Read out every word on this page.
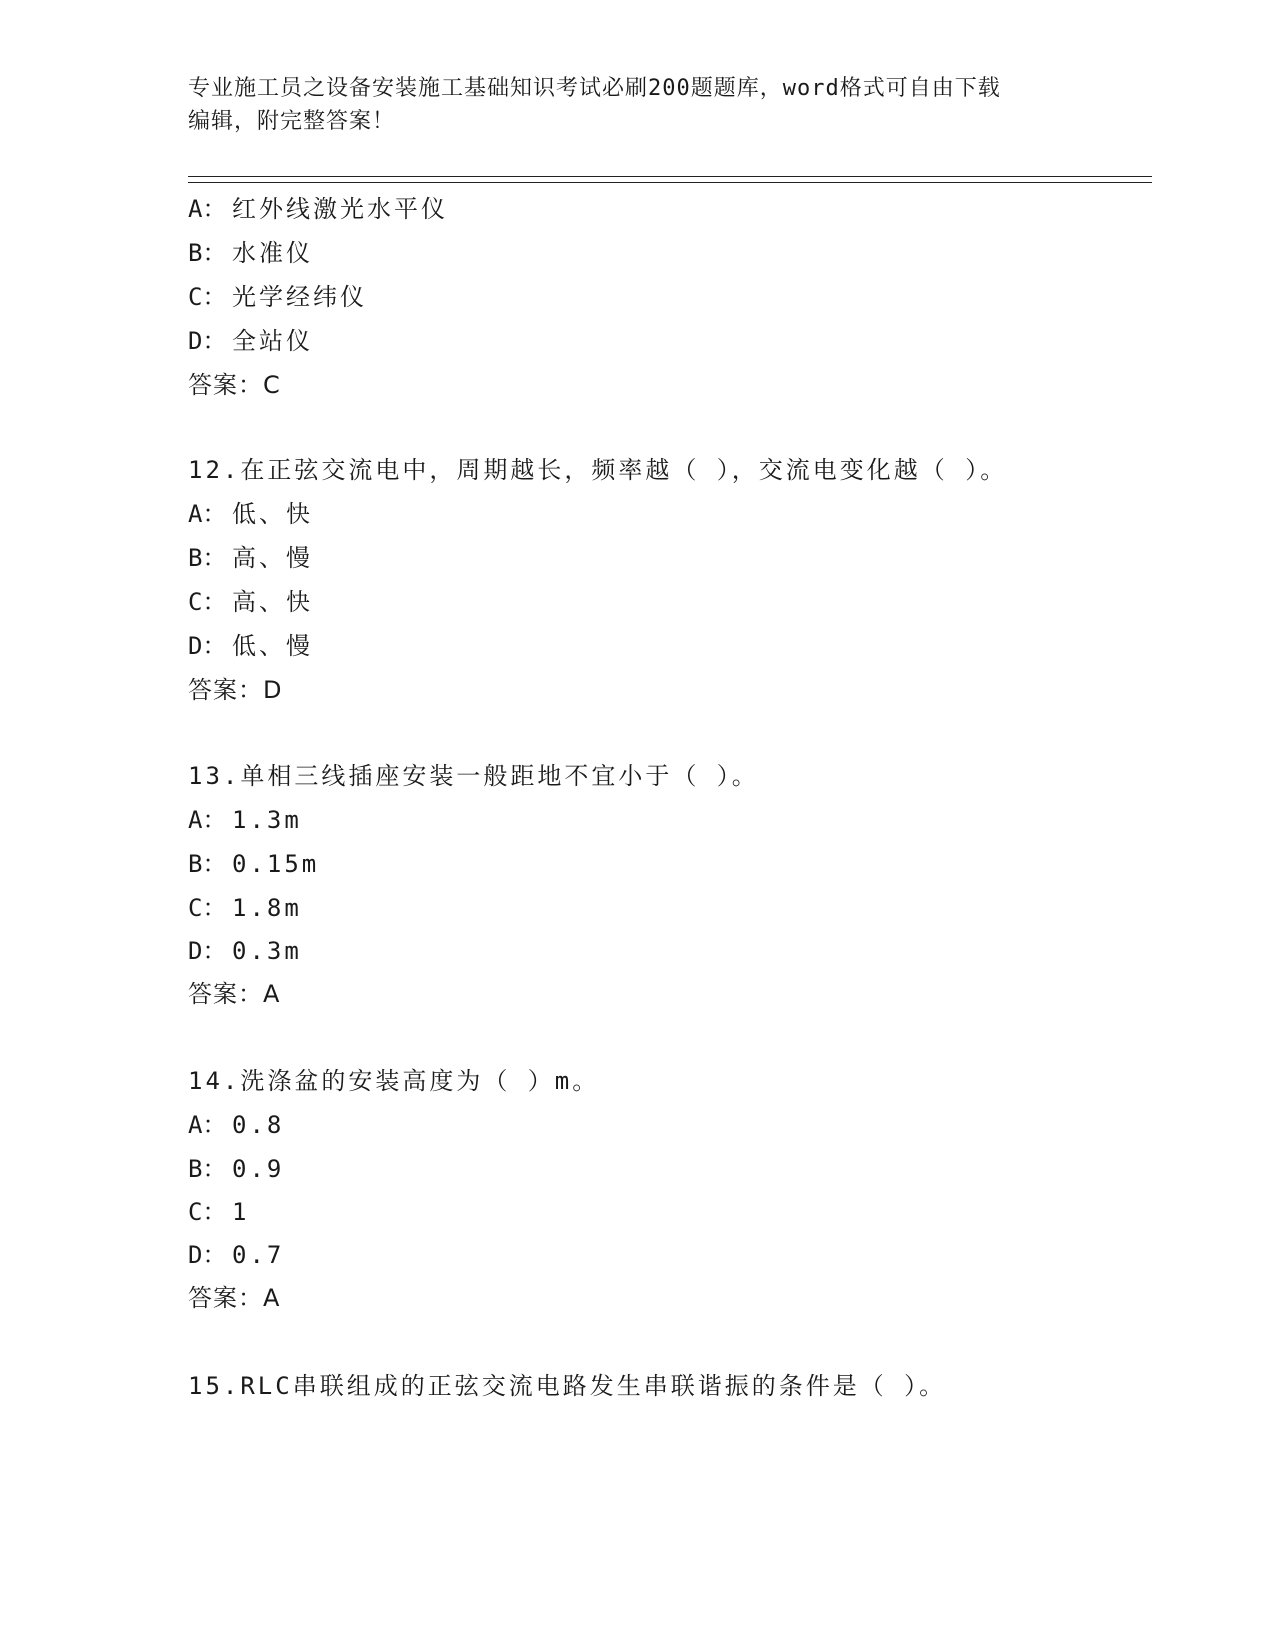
专业施工员之设备安装施工基础知识考试必刷200题题库，word格式可自由下载
编辑，附完整答案！
A： 红外线激光水平仪
B： 水准仪
C： 光学经纬仪
D： 全站仪
答案：C
12.在正弦交流电中，周期越长，频率越（ ），交流电变化越（ ）。
A： 低、快
B： 高、慢
C： 高、快
D： 低、慢
答案：D
13.单相三线插座安装一般距地不宜小于（ ）。
A： 1.3m
B： 0.15m
C： 1.8m
D： 0.3m
答案：A
14.洗涤盆的安装高度为（ ）m。
A： 0.8
B： 0.9
C： 1
D： 0.7
答案：A
15.RLC串联组成的正弦交流电路发生串联谐振的条件是（ ）。
